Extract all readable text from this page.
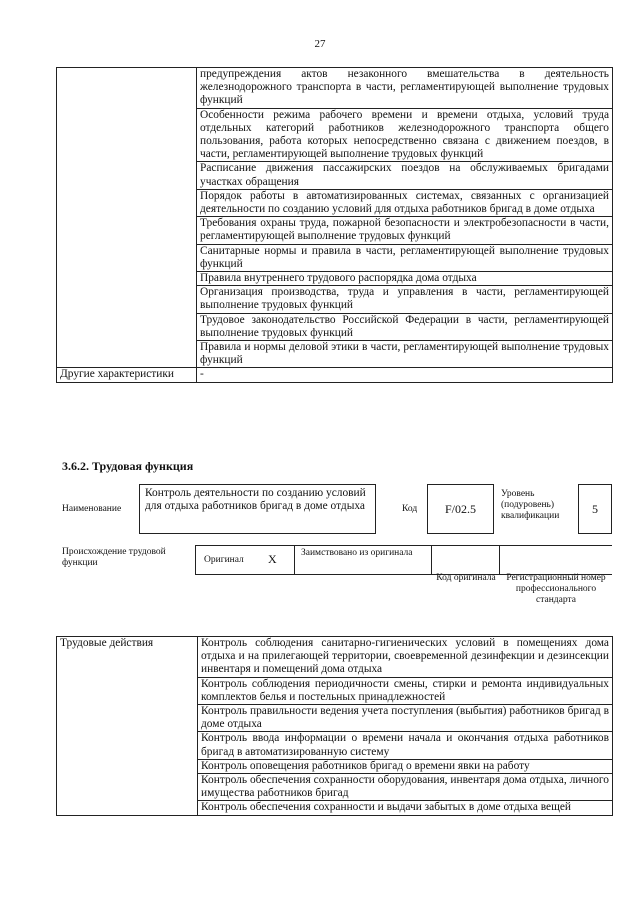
27
	предупреждения актов незаконного вмешательства в деятельность железнодорожного транспорта в части, регламентирующей выполнение трудовых функций
	Особенности режима рабочего времени и времени отдыха, условий труда отдельных категорий работников железнодорожного транспорта общего пользования, работа которых непосредственно связана с движением поездов, в части, регламентирующей выполнение трудовых функций
	Расписание движения пассажирских поездов на обслуживаемых бригадами участках обращения
	Порядок работы в автоматизированных системах, связанных с организацией деятельности по созданию условий для отдыха работников бригад в доме отдыха
	Требования охраны труда, пожарной безопасности и электробезопасности в части, регламентирующей выполнение трудовых функций
	Санитарные нормы и правила в части, регламентирующей выполнение трудовых функций
	Правила внутреннего трудового распорядка дома отдыха
	Организация производства, труда и управления в части, регламентирующей выполнение трудовых функций
	Трудовое законодательство Российской Федерации в части, регламентирующей выполнение трудовых функций
	Правила и нормы деловой этики в части, регламентирующей выполнение трудовых функций
Другие характеристики	-
3.6.2. Трудовая функция
Наименование
Контроль деятельности по созданию условий для отдыха работников бригад в доме отдыха	Код	F/02.5
Уровень (подуровень) квалификации	5
Происхождение трудовой функции	Оригинал X	Заимствовано из оригинала
Код оригинала	Регистрационный номер профессионального стандарта
Трудовые действия	Контроль соблюдения санитарно-гигиенических условий в помещениях дома отдыха и на прилегающей территории, своевременной дезинфекции и дезинсекции инвентаря и помещений дома отдыха
Контроль соблюдения периодичности смены, стирки и ремонта индивидуальных комплектов белья и постельных принадлежностей
Контроль правильности ведения учета поступления (выбытия) работников бригад в доме отдыха
Контроль ввода информации о времени начала и окончания отдыха работников бригад в автоматизированную систему
Контроль оповещения работников бригад о времени явки на работу
Контроль обеспечения сохранности оборудования, инвентаря дома отдыха, личного имущества работников бригад
Контроль обеспечения сохранности и выдачи забытых в доме отдыха вещей
